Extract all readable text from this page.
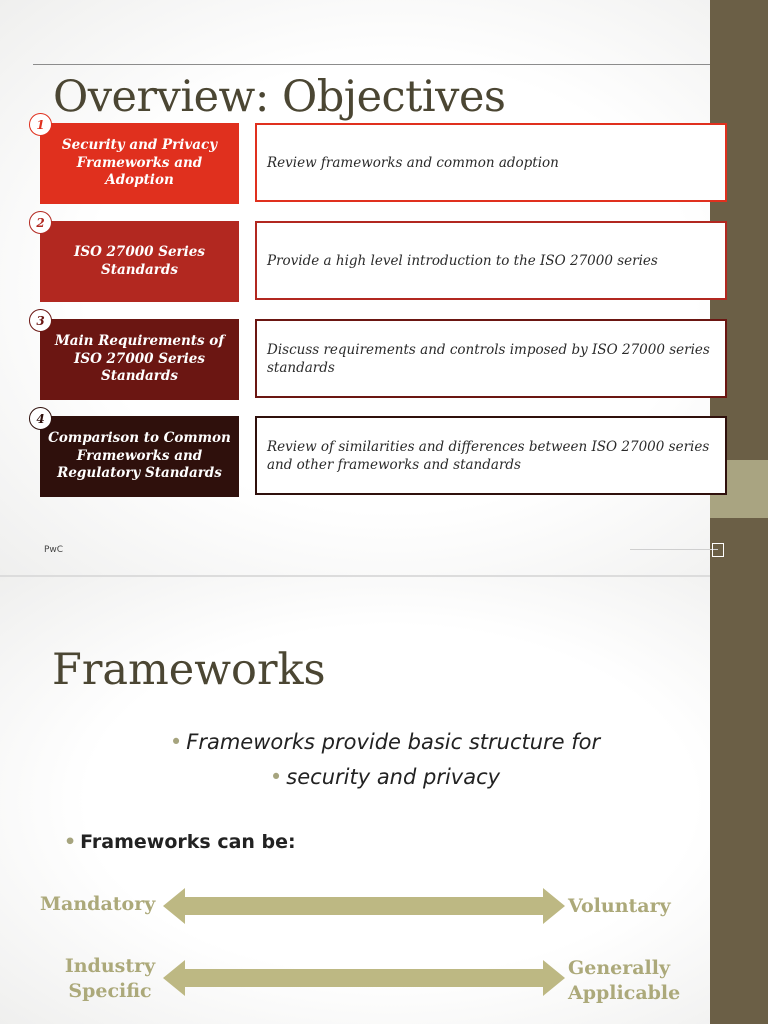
Overview: Objectives
Security and Privacy Frameworks and Adoption
Review frameworks and common adoption
1
ISO 27000 Series Standards
Provide a high level introduction to the ISO 27000 series
2
Main Requirements of ISO 27000 Series Standards
Discuss requirements and controls imposed by ISO 27000 series standards
3
Comparison to Common Frameworks and Regulatory Standards
Review of similarities and differences between ISO 27000 series and other frameworks and standards
4
PwC
Frameworks
• Frameworks provide basic structure for
• security and privacy
• Frameworks can be:
Mandatory	Voluntary
Industry
Specific
Generally
Applicable
